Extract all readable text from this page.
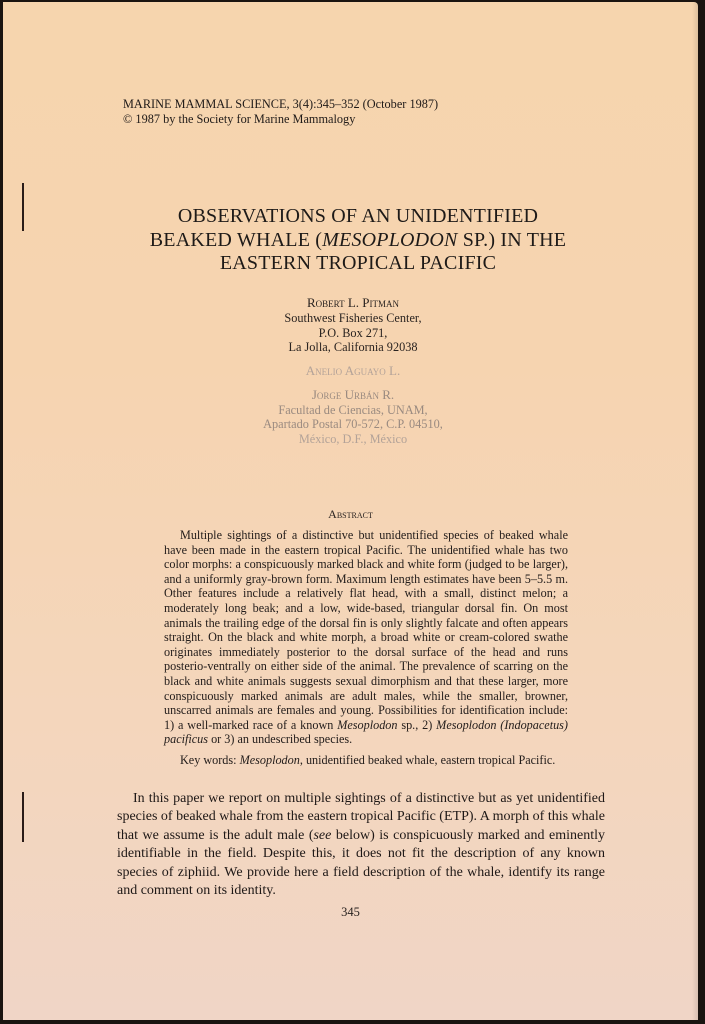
MARINE MAMMAL SCIENCE, 3(4):345–352 (October 1987)
© 1987 by the Society for Marine Mammalogy
OBSERVATIONS OF AN UNIDENTIFIED
BEAKED WHALE (MESOPLODON SP.) IN THE
EASTERN TROPICAL PACIFIC
Robert L. Pitman
Southwest Fisheries Center,
P.O. Box 271,
La Jolla, California 92038
Anelio Aguayo L.
Jorge Urbán R.
Facultad de Ciencias, UNAM,
Apartado Postal 70-572, C.P. 04510,
México, D.F., México
Abstract
Multiple sightings of a distinctive but unidentified species of beaked whale have been made in the eastern tropical Pacific. The unidentified whale has two color morphs: a conspicuously marked black and white form (judged to be larger), and a uniformly gray-brown form. Maximum length estimates have been 5–5.5 m. Other features include a relatively flat head, with a small, distinct melon; a moderately long beak; and a low, wide-based, triangular dorsal fin. On most animals the trailing edge of the dorsal fin is only slightly falcate and often appears straight. On the black and white morph, a broad white or cream-colored swathe originates immediately posterior to the dorsal surface of the head and runs posterio-ventrally on either side of the animal. The prevalence of scarring on the black and white animals suggests sexual dimorphism and that these larger, more conspicuously marked animals are adult males, while the smaller, browner, unscarred animals are females and young. Possibilities for identification include: 1) a well-marked race of a known Mesoplodon sp., 2) Mesoplodon (Indopacetus) pacificus or 3) an undescribed species.
Key words: Mesoplodon, unidentified beaked whale, eastern tropical Pacific.
In this paper we report on multiple sightings of a distinctive but as yet unidentified species of beaked whale from the eastern tropical Pacific (ETP). A morph of this whale that we assume is the adult male (see below) is conspicuously marked and eminently identifiable in the field. Despite this, it does not fit the description of any known species of ziphiid. We provide here a field description of the whale, identify its range and comment on its identity.
345
